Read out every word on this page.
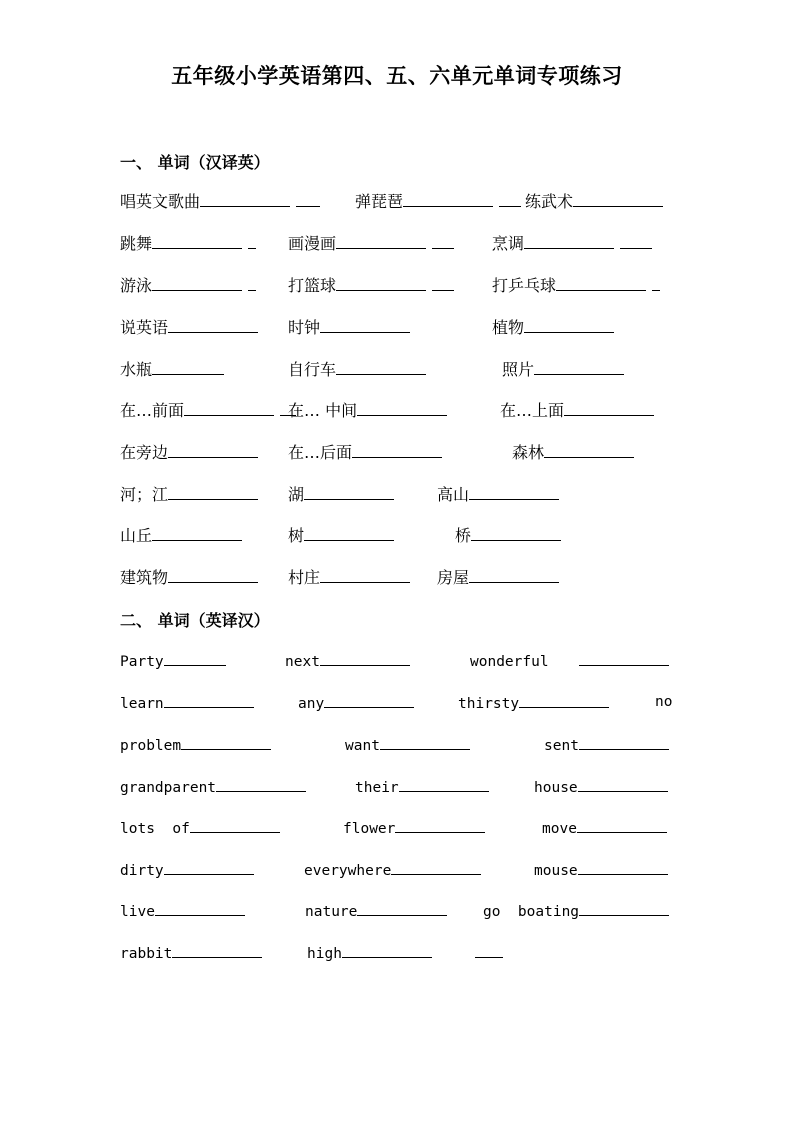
五年级小学英语第四、五、六单元单词专项练习
一、 单词（汉译英）
唱英文歌曲	弹琵琶	练武术
跳舞	画漫画	烹调
游泳	打篮球	打乒乓球
说英语	时钟	植物
水瓶	自行车	照片
在…前面	在… 中间	在…上面
在旁边	在…后面	森林
河；江	湖	高山
山丘	树	桥
建筑物	村庄	房屋
二、 单词（英译汉）
Party	next	wonderful
learn	any	thirsty	no
problem	want	sent
grandparent	their	house
lots  of	flower	move
dirty	everywhere	mouse
live	nature	go  boating
rabbit	high
